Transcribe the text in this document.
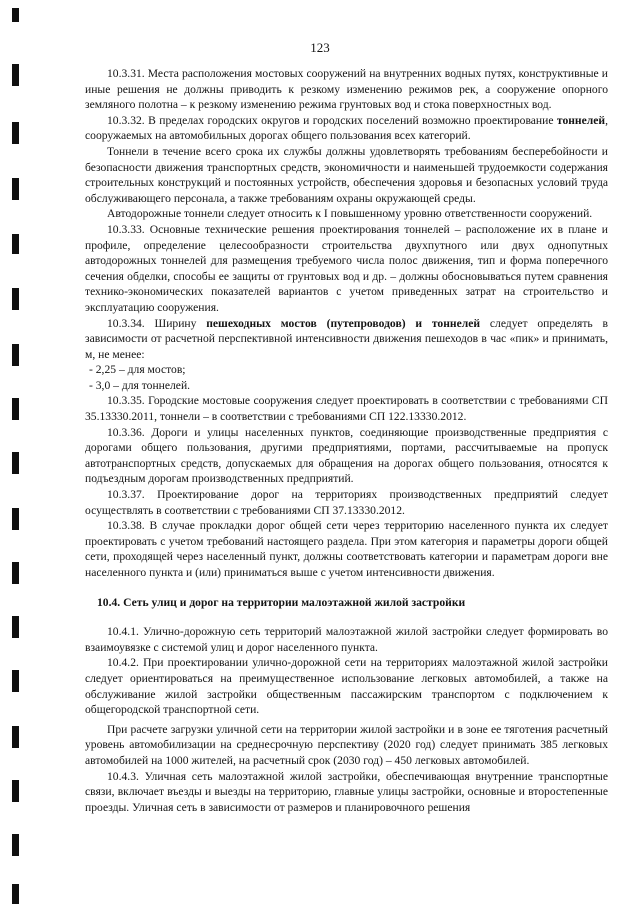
123

10.3.31. Места расположения мостовых сооружений на внутренних водных путях, конструктивные и иные решения не должны приводить к резкому изменению режимов рек, а сооружение опорного земляного полотна – к резкому изменению режима грунтовых вод и стока поверхностных вод.

10.3.32. В пределах городских округов и городских поселений возможно проектирование тоннелей, сооружаемых на автомобильных дорогах общего пользования всех категорий.

Тоннели в течение всего срока их службы должны удовлетворять требованиям бесперебойности и безопасности движения транспортных средств, экономичности и наименьшей трудоемкости содержания строительных конструкций и постоянных устройств, обеспечения здоровья и безопасных условий труда обслуживающего персонала, а также требованиям охраны окружающей среды.

Автодорожные тоннели следует относить к I повышенному уровню ответственности сооружений.

10.3.33. Основные технические решения проектирования тоннелей – расположение их в плане и профиле, определение целесообразности строительства двухпутного или двух однопутных автодорожных тоннелей для размещения требуемого числа полос движения, тип и форма поперечного сечения обделки, способы ее защиты от грунтовых вод и др. – должны обосновываться путем сравнения технико-экономических показателей вариантов с учетом приведенных затрат на строительство и эксплуатацию сооружения.

10.3.34. Ширину пешеходных мостов (путепроводов) и тоннелей следует определять в зависимости от расчетной перспективной интенсивности движения пешеходов в час «пик» и принимать, м, не менее:

- 2,25 – для мостов;

- 3,0 – для тоннелей.

10.3.35. Городские мостовые сооружения следует проектировать в соответствии с требованиями СП 35.13330.2011, тоннели – в соответствии с требованиями СП 122.13330.2012.

10.3.36. Дороги и улицы населенных пунктов, соединяющие производственные предприятия с дорогами общего пользования, другими предприятиями, портами, рассчитываемые на пропуск автотранспортных средств, допускаемых для обращения на дорогах общего пользования, относятся к подъездным дорогам производственных предприятий.

10.3.37. Проектирование дорог на территориях производственных предприятий следует осуществлять в соответствии с требованиями СП 37.13330.2012.

10.3.38. В случае прокладки дорог общей сети через территорию населенного пункта их следует проектировать с учетом требований настоящего раздела. При этом категория и параметры дороги общей сети, проходящей через населенный пункт, должны соответствовать категории и параметрам дороги вне населенного пункта и (или) приниматься выше с учетом интенсивности движения.

10.4. Сеть улиц и дорог на территории малоэтажной жилой застройки

10.4.1. Улично-дорожную сеть территорий малоэтажной жилой застройки следует формировать во взаимоувязке с системой улиц и дорог населенного пункта.

10.4.2. При проектировании улично-дорожной сети на территориях малоэтажной жилой застройки следует ориентироваться на преимущественное использование легковых автомобилей, а также на обслуживание жилой застройки общественным пассажирским транспортом с подключением к общегородской транспортной сети.

При расчете загрузки уличной сети на территории жилой застройки и в зоне ее тяготения расчетный уровень автомобилизации на среднесрочную перспективу (2020 год) следует принимать 385 легковых автомобилей на 1000 жителей, на расчетный срок (2030 год) – 450 легковых автомобилей.

10.4.3. Уличная сеть малоэтажной жилой застройки, обеспечивающая внутренние транспортные связи, включает въезды и выезды на территорию, главные улицы застройки, основные и второстепенные проезды. Уличная сеть в зависимости от размеров и планировочного решения
